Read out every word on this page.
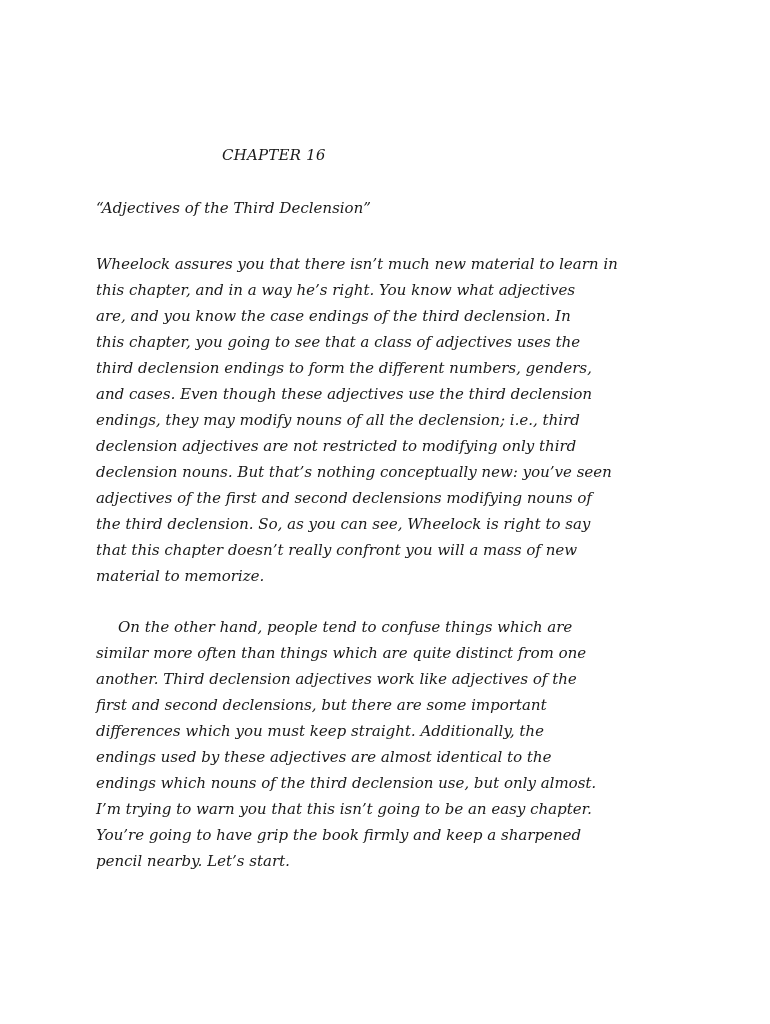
CHAPTER 16
“Adjectives of the Third Declension”
Wheelock assures you that there isn’t much new material to learn in
this chapter, and in a way he’s right. You know what adjectives
are, and you know the case endings of the third declension. In
this chapter, you going to see that a class of adjectives uses the
third declension endings to form the different numbers, genders,
and cases. Even though these adjectives use the third declension
endings, they may modify nouns of all the declension; i.e., third
declension adjectives are not restricted to modifying only third
declension nouns. But that’s nothing conceptually new: you’ve seen
adjectives of the first and second declensions modifying nouns of
the third declension. So, as you can see, Wheelock is right to say
that this chapter doesn’t really confront you will a mass of new
material to memorize.
On the other hand, people tend to confuse things which are
similar more often than things which are quite distinct from one
another. Third declension adjectives work like adjectives of the
first and second declensions, but there are some important
differences which you must keep straight. Additionally, the
endings used by these adjectives are almost identical to the
endings which nouns of the third declension use, but only almost.
I’m trying to warn you that this isn’t going to be an easy chapter.
You’re going to have grip the book firmly and keep a sharpened
pencil nearby. Let’s start.
